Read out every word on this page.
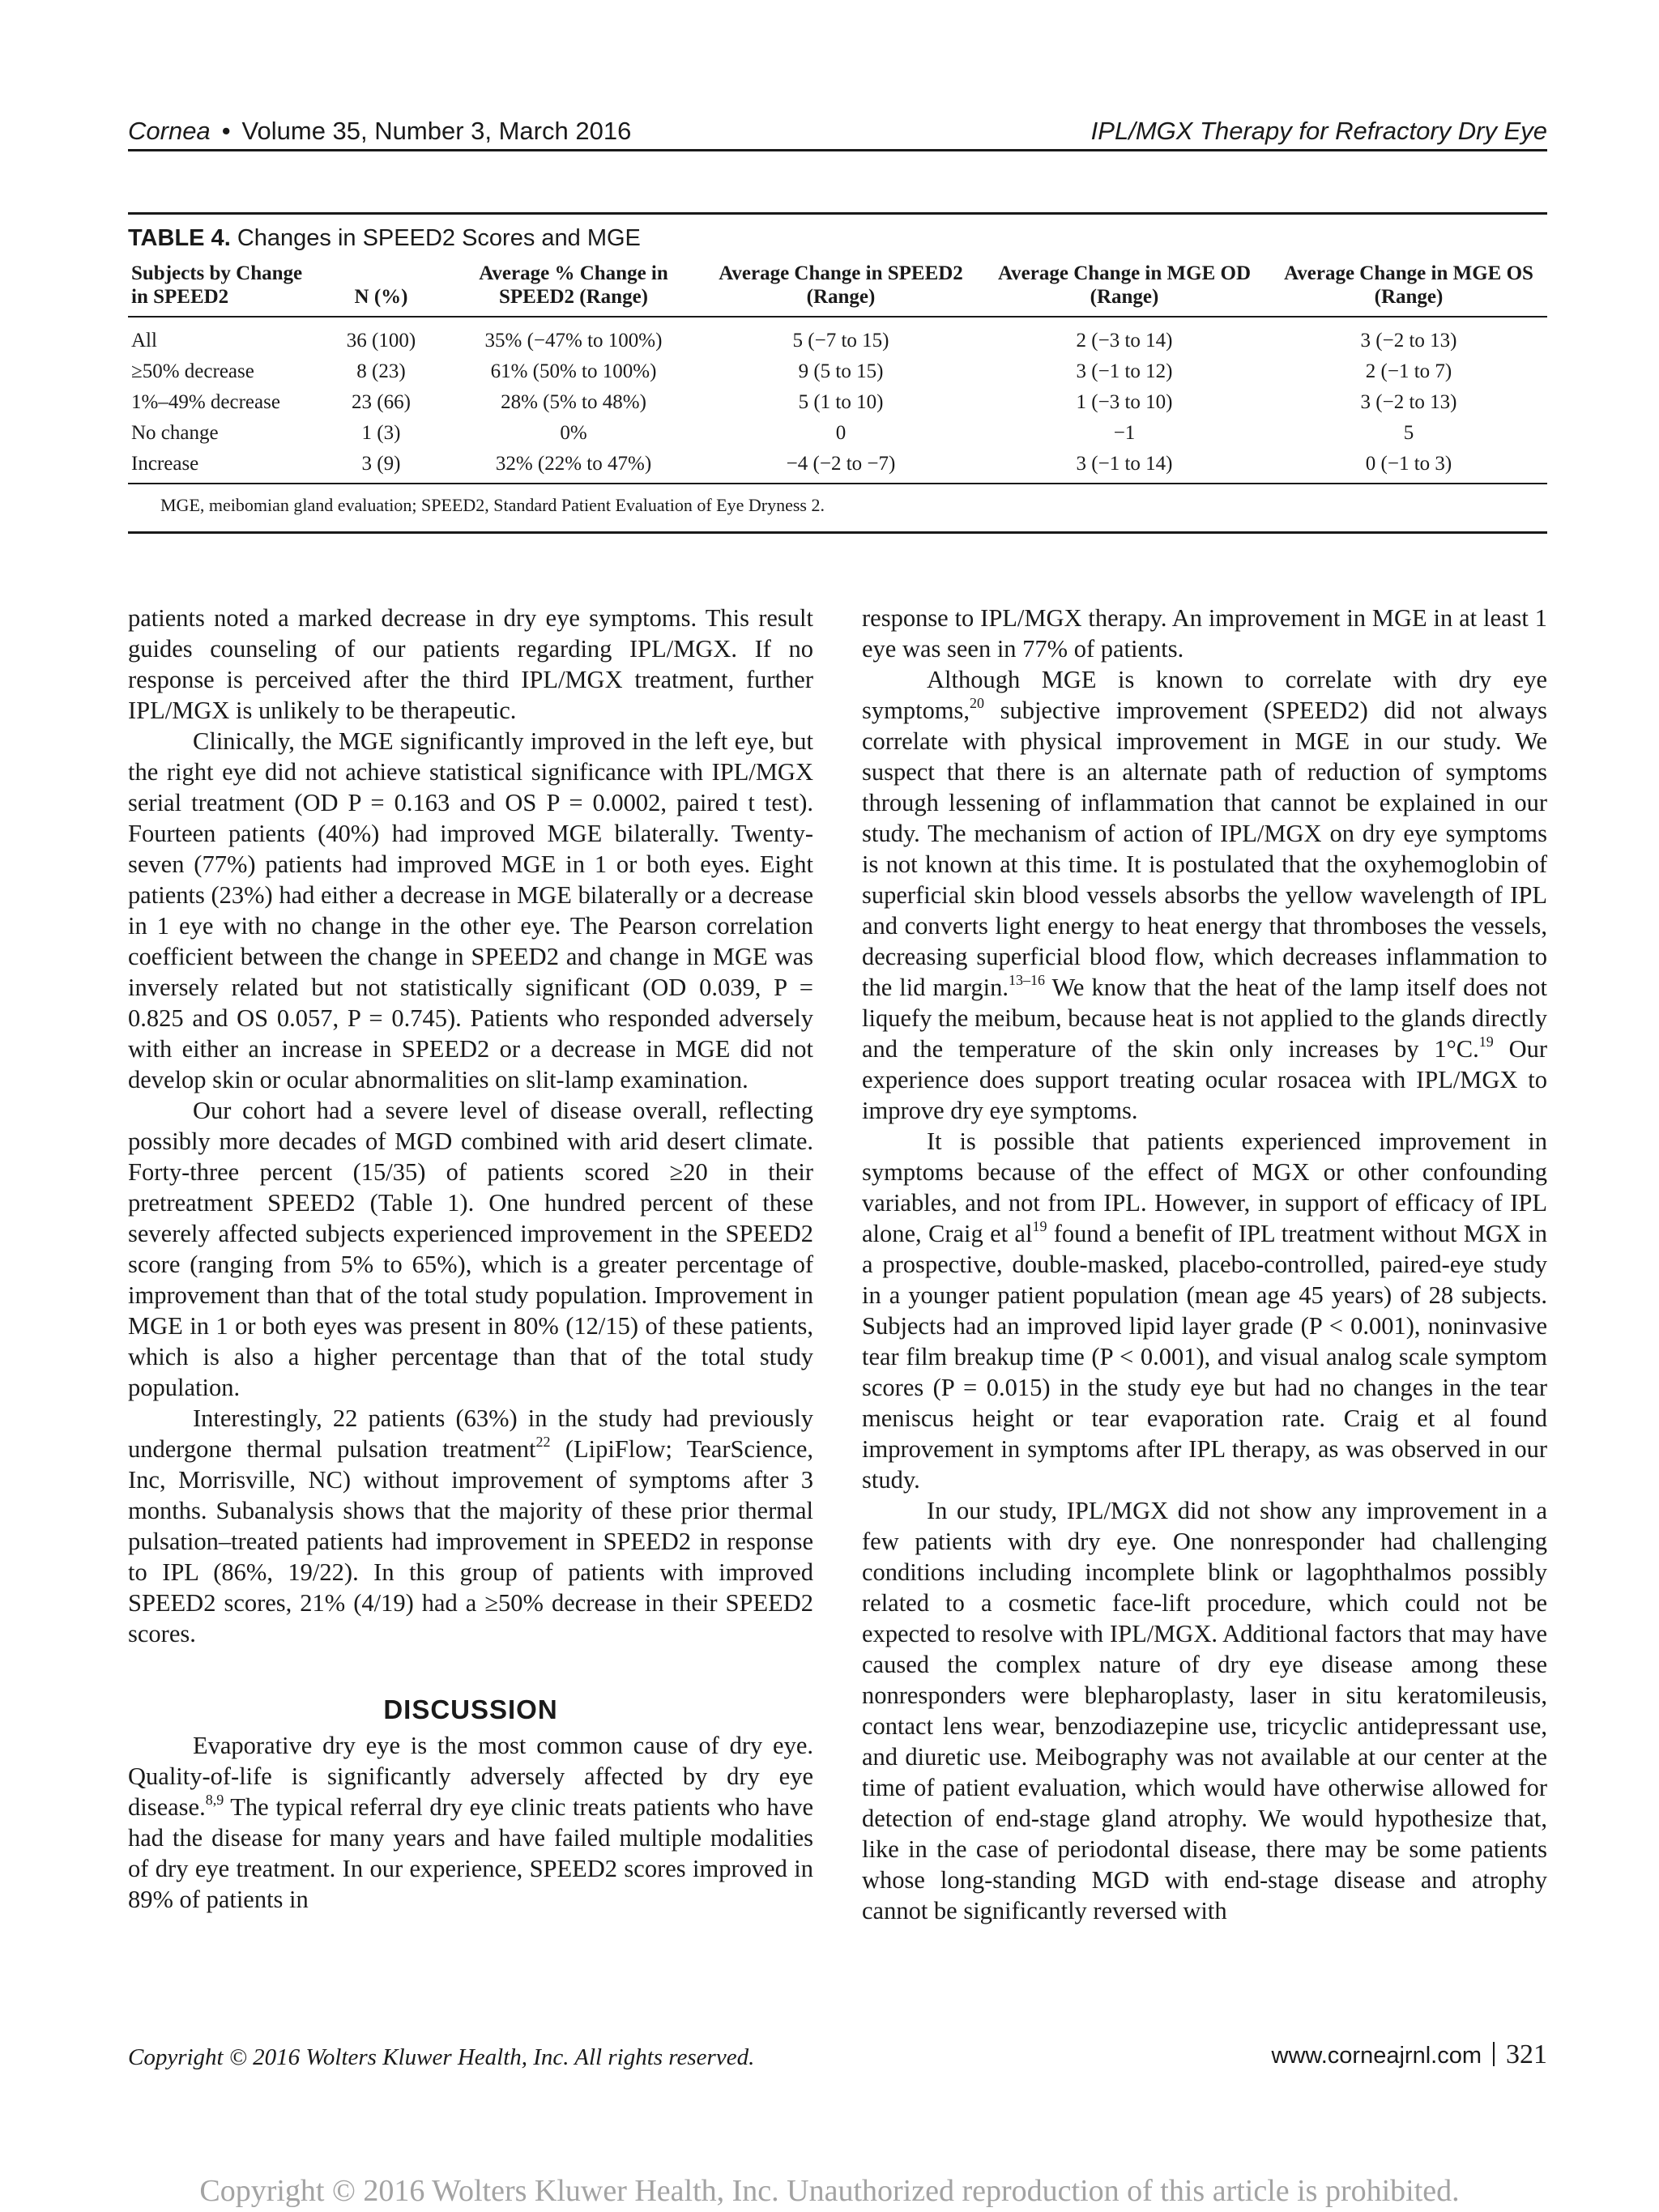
Cornea • Volume 35, Number 3, March 2016	IPL/MGX Therapy for Refractory Dry Eye
TABLE 4. Changes in SPEED2 Scores and MGE
Subjects by Change in SPEED2	N (%)	Average % Change in SPEED2 (Range)	Average Change in SPEED2 (Range)	Average Change in MGE OD (Range)	Average Change in MGE OS (Range)
All	36 (100)	35% (−47% to 100%)	5 (−7 to 15)	2 (−3 to 14)	3 (−2 to 13)
≥50% decrease	8 (23)	61% (50% to 100%)	9 (5 to 15)	3 (−1 to 12)	2 (−1 to 7)
1%–49% decrease	23 (66)	28% (5% to 48%)	5 (1 to 10)	1 (−3 to 10)	3 (−2 to 13)
No change	1 (3)	0%	0	−1	5
Increase	3 (9)	32% (22% to 47%)	−4 (−2 to −7)	3 (−1 to 14)	0 (−1 to 3)
MGE, meibomian gland evaluation; SPEED2, Standard Patient Evaluation of Eye Dryness 2.

patients noted a marked decrease in dry eye symptoms. This result guides counseling of our patients regarding IPL/MGX. If no response is perceived after the third IPL/MGX treatment, further IPL/MGX is unlikely to be therapeutic.

Clinically, the MGE significantly improved in the left eye, but the right eye did not achieve statistical significance with IPL/MGX serial treatment (OD P = 0.163 and OS P = 0.0002, paired t test). Fourteen patients (40%) had improved MGE bilaterally. Twenty-seven (77%) patients had improved MGE in 1 or both eyes. Eight patients (23%) had either a decrease in MGE bilaterally or a decrease in 1 eye with no change in the other eye. The Pearson correlation coefficient between the change in SPEED2 and change in MGE was inversely related but not statistically significant (OD 0.039, P = 0.825 and OS 0.057, P = 0.745). Patients who responded adversely with either an increase in SPEED2 or a decrease in MGE did not develop skin or ocular abnormalities on slit-lamp examination.

Our cohort had a severe level of disease overall, reflecting possibly more decades of MGD combined with arid desert climate. Forty-three percent (15/35) of patients scored ≥20 in their pretreatment SPEED2 (Table 1). One hundred percent of these severely affected subjects experienced improvement in the SPEED2 score (ranging from 5% to 65%), which is a greater percentage of improvement than that of the total study population. Improvement in MGE in 1 or both eyes was present in 80% (12/15) of these patients, which is also a higher percentage than that of the total study population.

Interestingly, 22 patients (63%) in the study had previously undergone thermal pulsation treatment$^{22}$ (LipiFlow; TearScience, Inc, Morrisville, NC) without improvement of symptoms after 3 months. Subanalysis shows that the majority of these prior thermal pulsation–treated patients had improvement in SPEED2 in response to IPL (86%, 19/22). In this group of patients with improved SPEED2 scores, 21% (4/19) had a ≥50% decrease in their SPEED2 scores.

DISCUSSION

Evaporative dry eye is the most common cause of dry eye. Quality-of-life is significantly adversely affected by dry eye disease.$^{8,9}$ The typical referral dry eye clinic treats patients who have had the disease for many years and have failed multiple modalities of dry eye treatment. In our experience, SPEED2 scores improved in 89% of patients in

response to IPL/MGX therapy. An improvement in MGE in at least 1 eye was seen in 77% of patients.

Although MGE is known to correlate with dry eye symptoms,$^{20}$ subjective improvement (SPEED2) did not always correlate with physical improvement in MGE in our study. We suspect that there is an alternate path of reduction of symptoms through lessening of inflammation that cannot be explained in our study. The mechanism of action of IPL/MGX on dry eye symptoms is not known at this time. It is postulated that the oxyhemoglobin of superficial skin blood vessels absorbs the yellow wavelength of IPL and converts light energy to heat energy that thromboses the vessels, decreasing superficial blood flow, which decreases inflammation to the lid margin.$^{13-16}$ We know that the heat of the lamp itself does not liquefy the meibum, because heat is not applied to the glands directly and the temperature of the skin only increases by 1°C.$^{19}$ Our experience does support treating ocular rosacea with IPL/MGX to improve dry eye symptoms.

It is possible that patients experienced improvement in symptoms because of the effect of MGX or other confounding variables, and not from IPL. However, in support of efficacy of IPL alone, Craig et $al^{19}$ found a benefit of IPL treatment without MGX in a prospective, double-masked, placebo-controlled, paired-eye study in a younger patient population (mean age 45 years) of 28 subjects. Subjects had an improved lipid layer grade (P < 0.001), noninvasive tear film breakup time (P < 0.001), and visual analog scale symptom scores (P = 0.015) in the study eye but had no changes in the tear meniscus height or tear evaporation rate. Craig et al found improvement in symptoms after IPL therapy, as was observed in our study.

In our study, IPL/MGX did not show any improvement in a few patients with dry eye. One nonresponder had challenging conditions including incomplete blink or lagophthalmos possibly related to a cosmetic face-lift procedure, which could not be expected to resolve with IPL/MGX. Additional factors that may have caused the complex nature of dry eye disease among these nonresponders were blepharoplasty, laser in situ keratomileusis, contact lens wear, benzodiazepine use, tricyclic antidepressant use, and diuretic use. Meibography was not available at our center at the time of patient evaluation, which would have otherwise allowed for detection of end-stage gland atrophy. We would hypothesize that, like in the case of periodontal disease, there may be some patients whose long-standing MGD with end-stage disease and atrophy cannot be significantly reversed with

Copyright © 2016 Wolters Kluwer Health, Inc. All rights reserved.	www.corneajrnl.com 321
Copyright © 2016 Wolters Kluwer Health, Inc. Unauthorized reproduction of this article is prohibited.
